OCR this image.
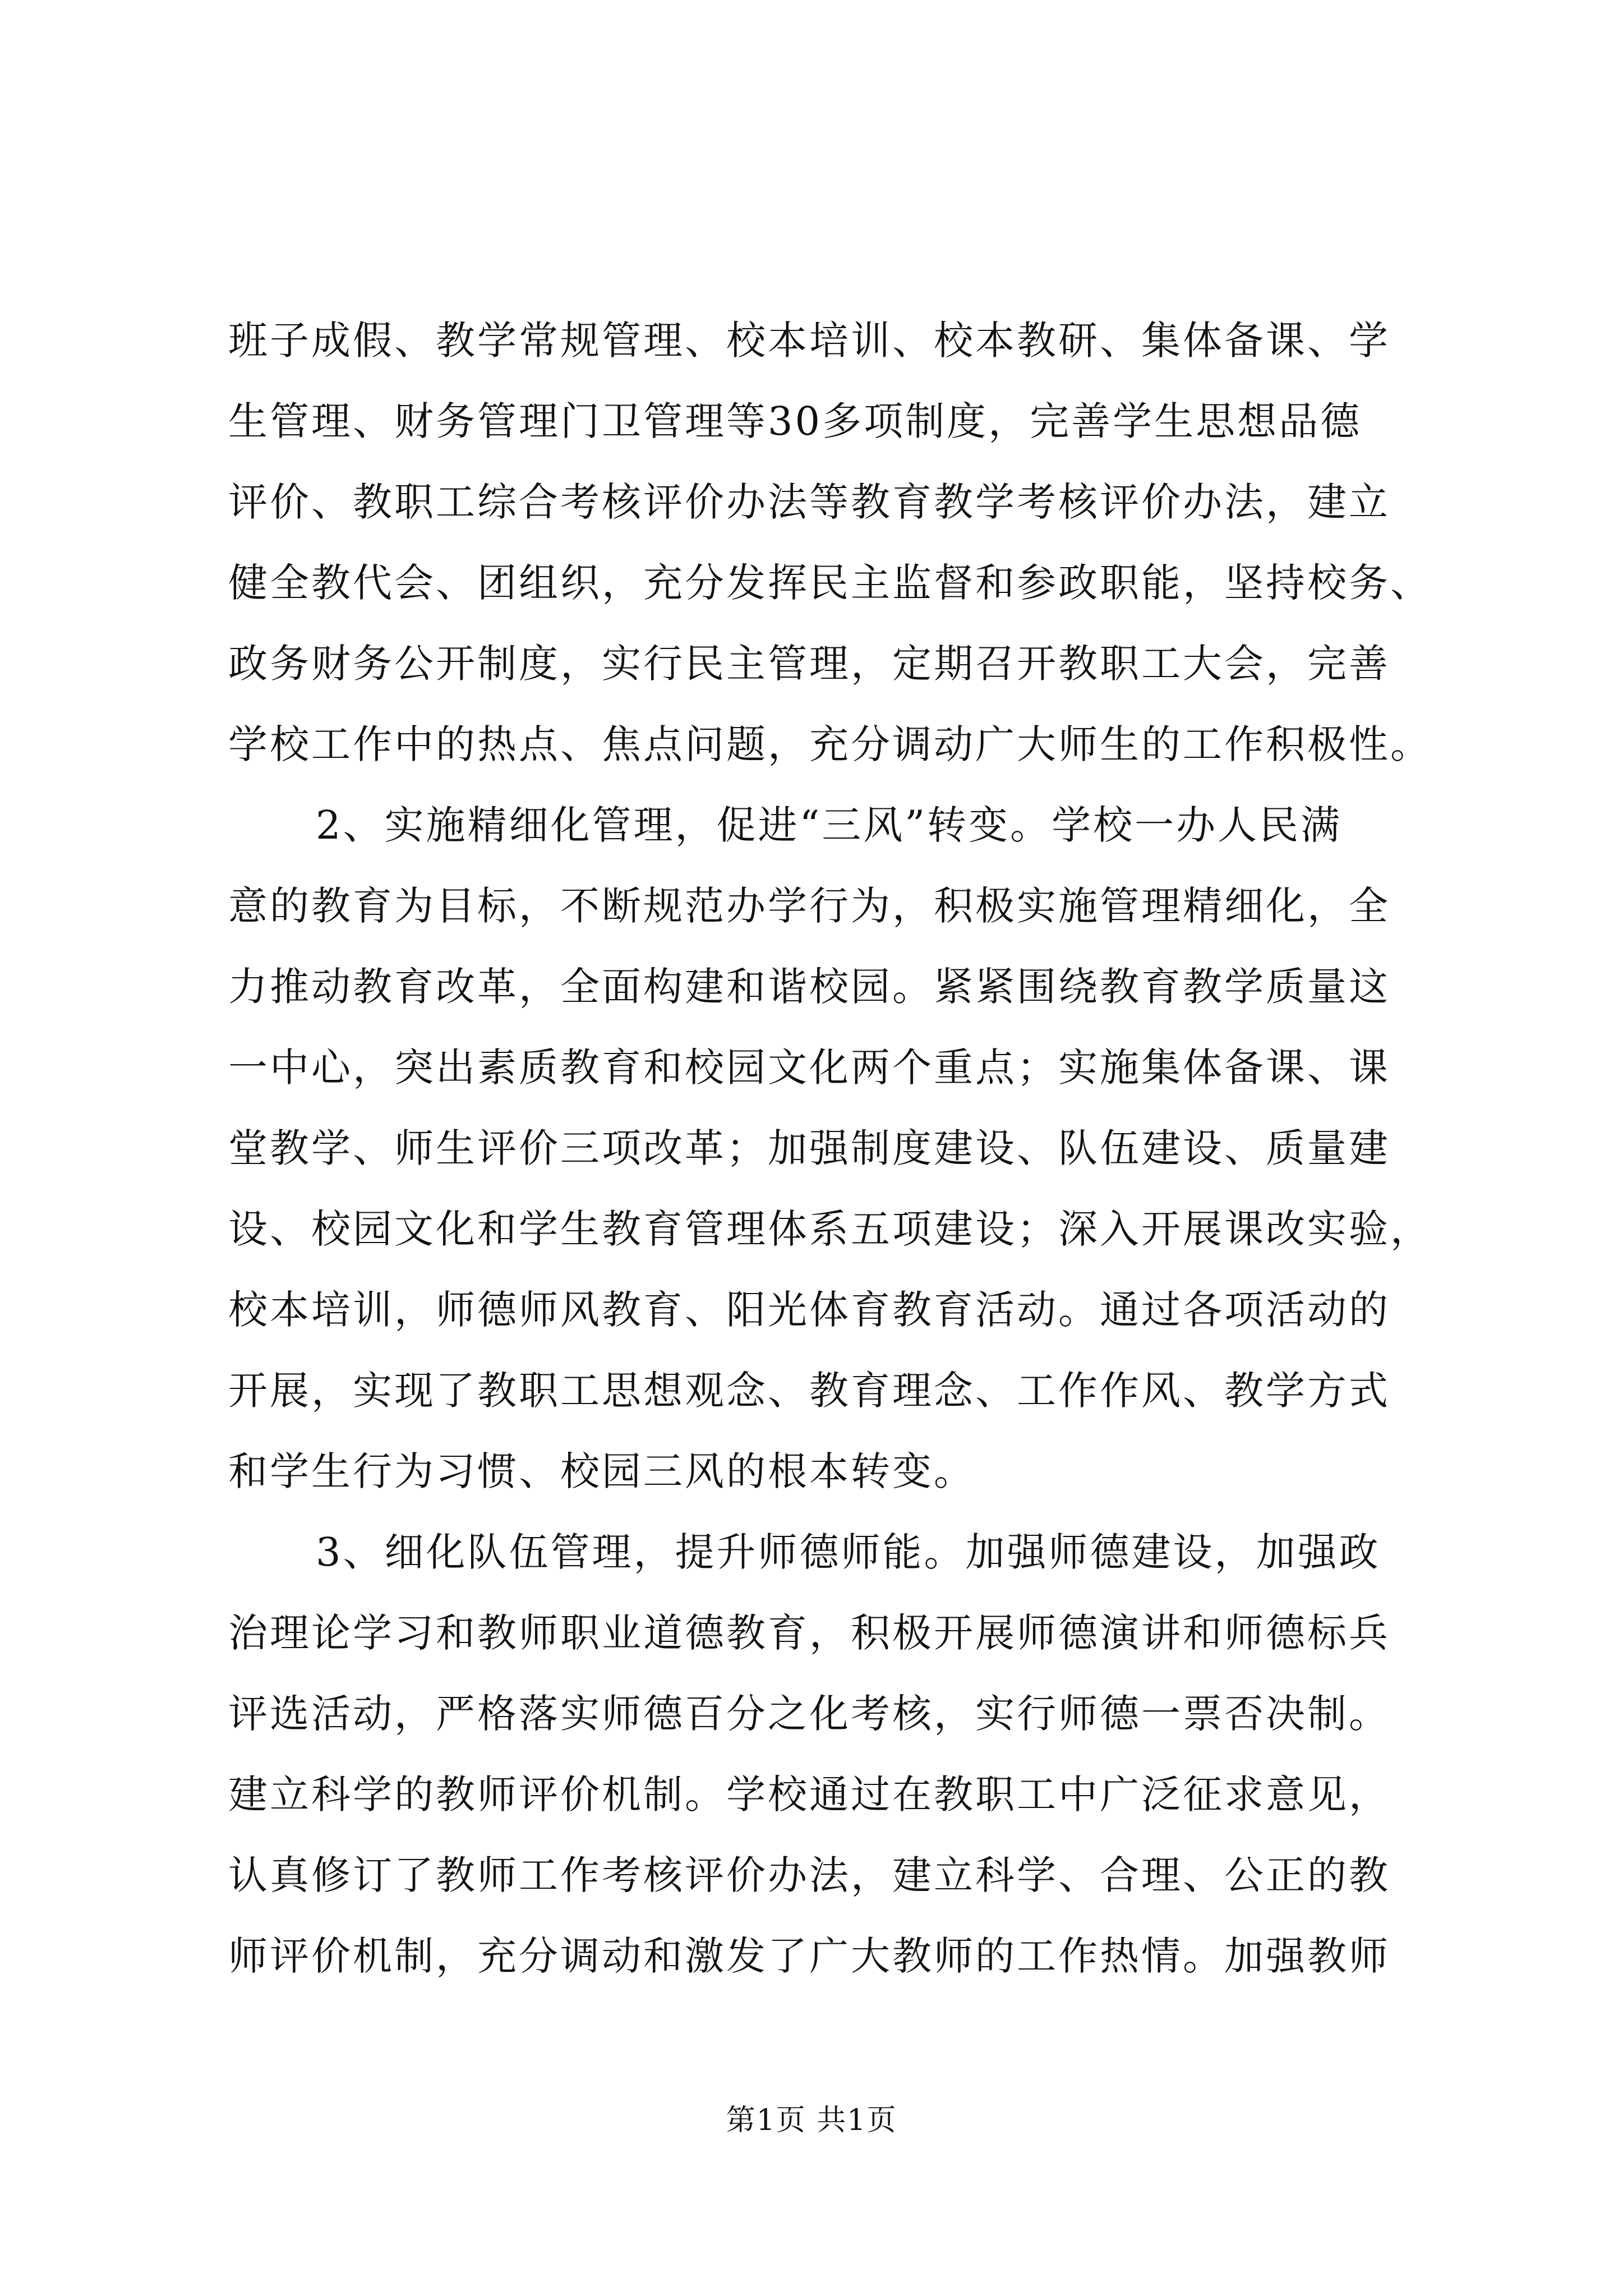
班子成假、教学常规管理、校本培训、校本教研、集体备课、学
生管理、财务管理门卫管理等30多项制度，完善学生思想品德
评价、教职工综合考核评价办法等教育教学考核评价办法，建立
健全教代会、团组织，充分发挥民主监督和参政职能，坚持校务、
政务财务公开制度，实行民主管理，定期召开教职工大会，完善
学校工作中的热点、焦点问题，充分调动广大师生的工作积极性。
2、实施精细化管理，促进“三风”转变。学校一办人民满
意的教育为目标，不断规范办学行为，积极实施管理精细化，全
力推动教育改革，全面构建和谐校园。紧紧围绕教育教学质量这
一中心，突出素质教育和校园文化两个重点；实施集体备课、课
堂教学、师生评价三项改革；加强制度建设、队伍建设、质量建
设、校园文化和学生教育管理体系五项建设；深入开展课改实验，
校本培训，师德师风教育、阳光体育教育活动。通过各项活动的
开展，实现了教职工思想观念、教育理念、工作作风、教学方式
和学生行为习惯、校园三风的根本转变。
3、细化队伍管理，提升师德师能。加强师德建设，加强政
治理论学习和教师职业道德教育，积极开展师德演讲和师德标兵
评选活动，严格落实师德百分之化考核，实行师德一票否决制。
建立科学的教师评价机制。学校通过在教职工中广泛征求意见，
认真修订了教师工作考核评价办法，建立科学、合理、公正的教
师评价机制，充分调动和激发了广大教师的工作热情。加强教师
第1页 共1页
